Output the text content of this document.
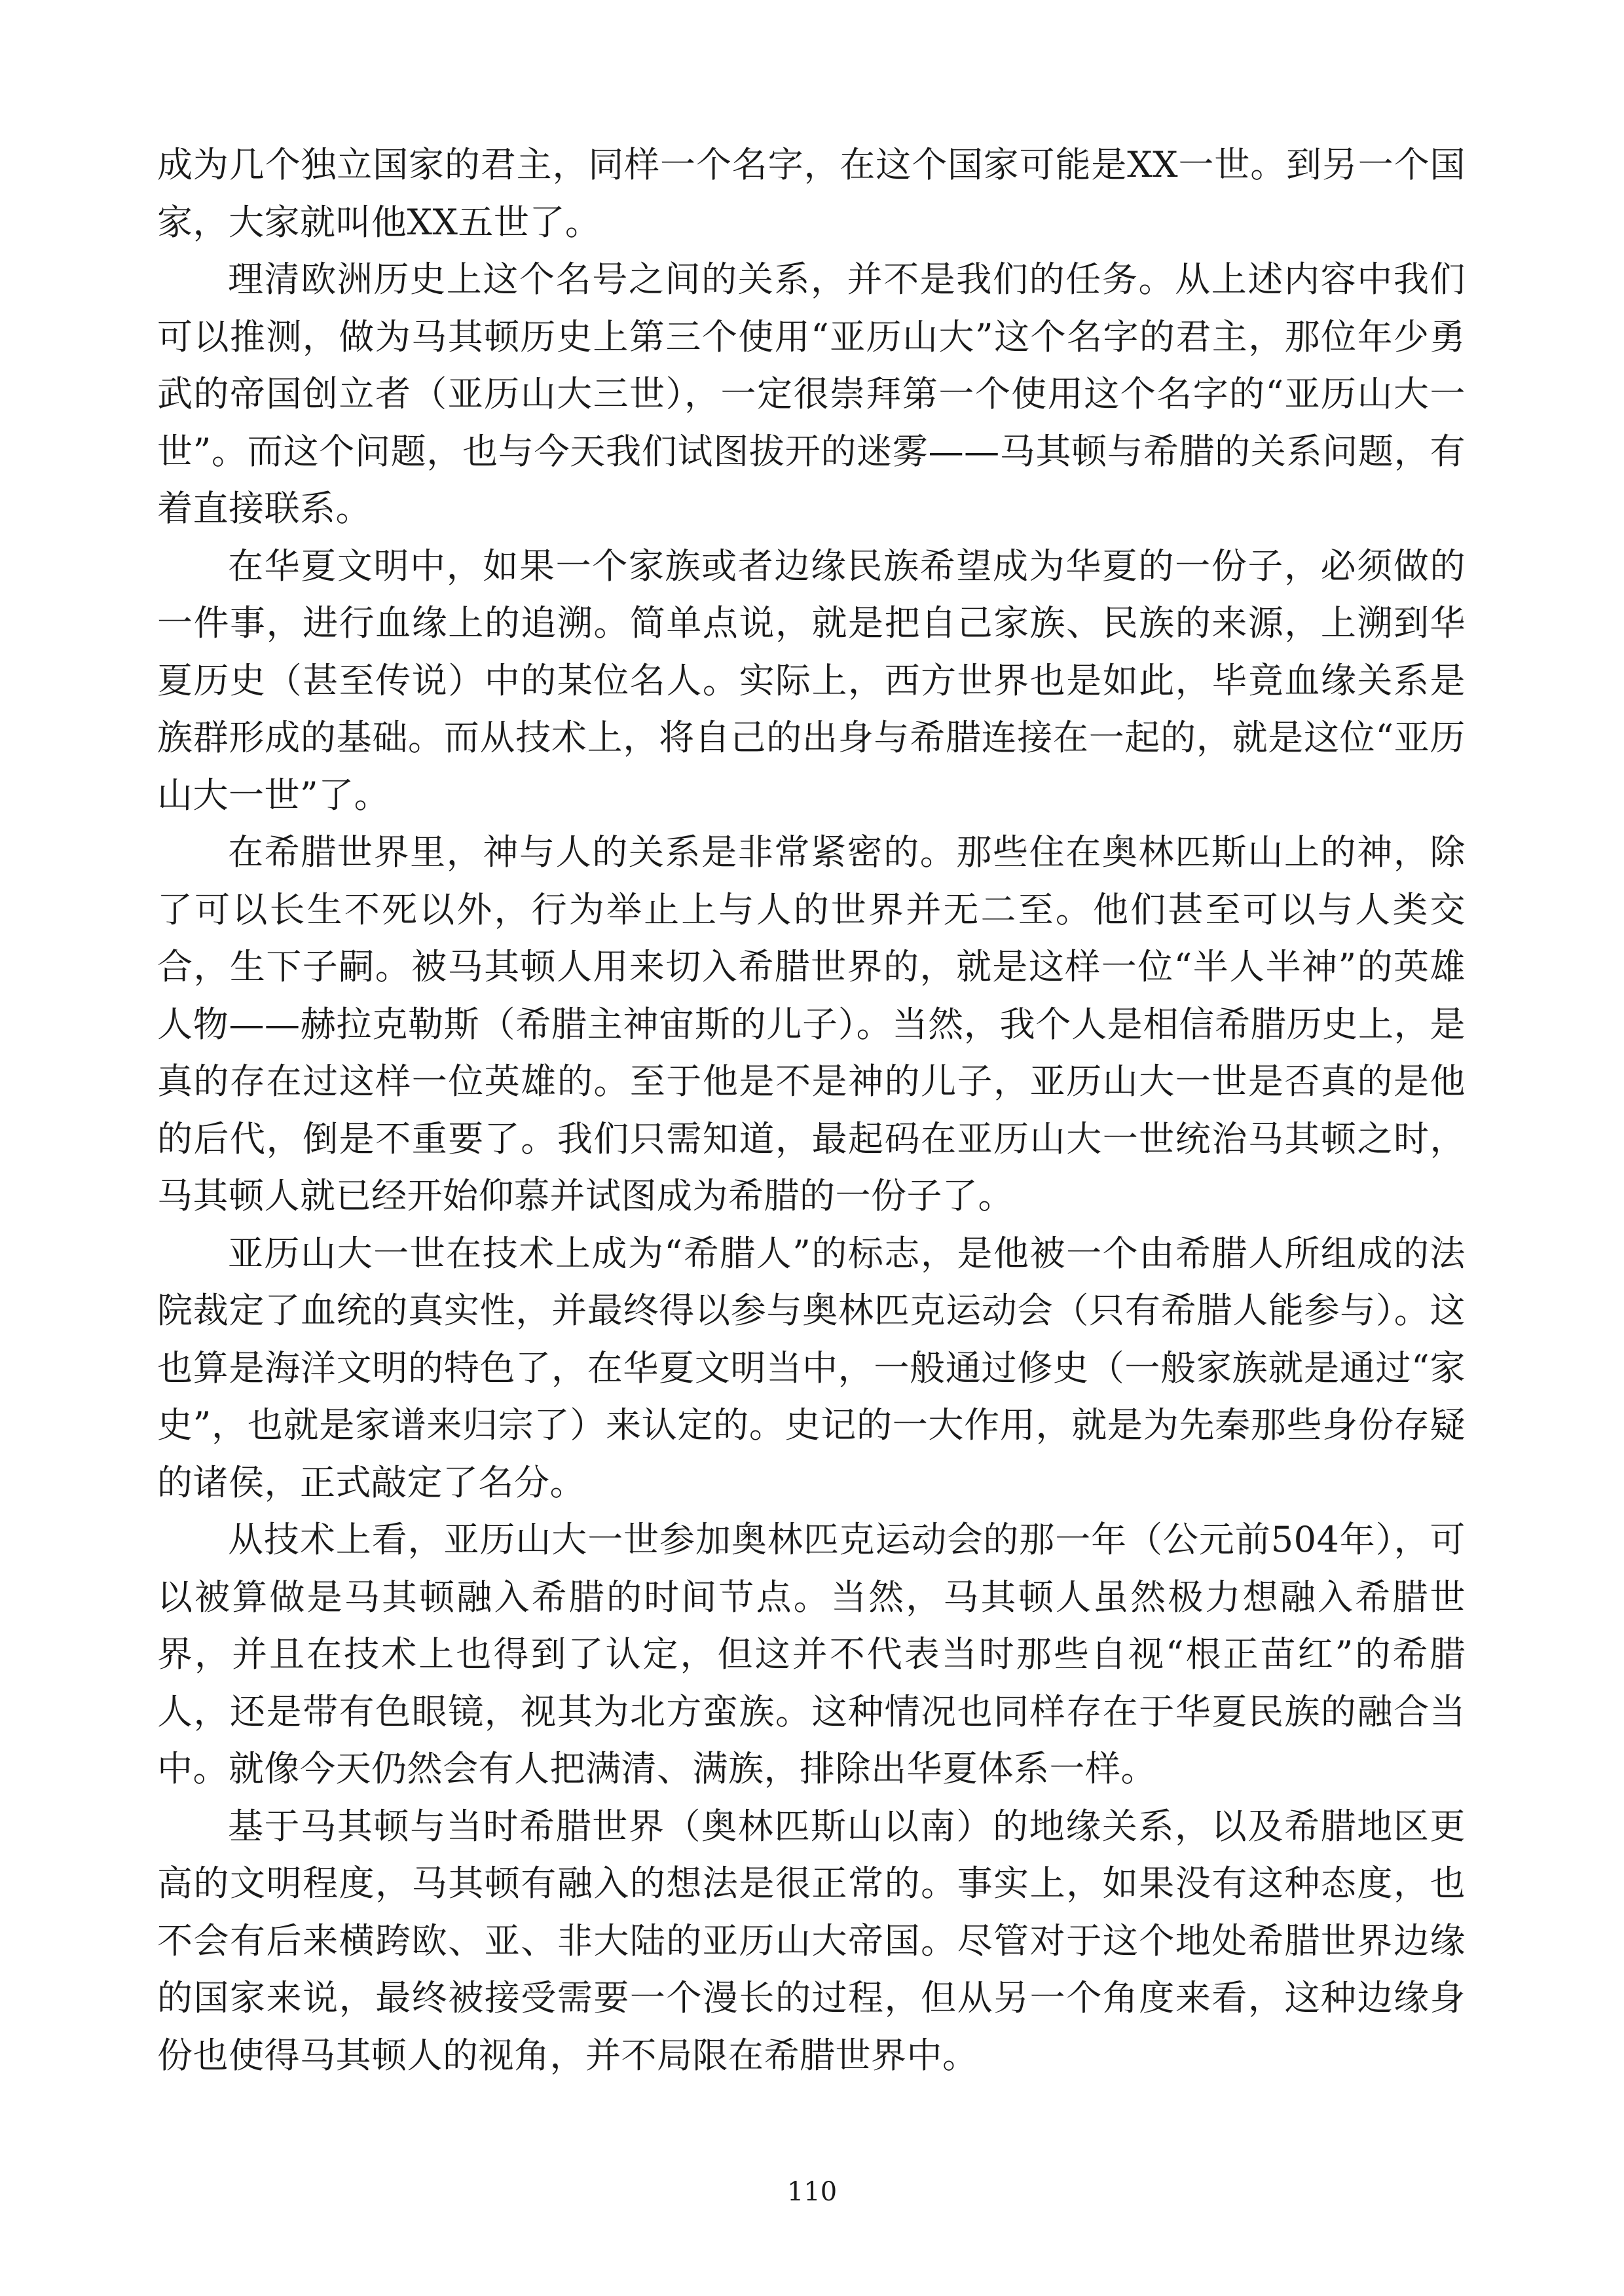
成为几个独立国家的君主，同样一个名字，在这个国家可能是XX一世。到另一个国家，大家就叫他XX五世了。

理清欧洲历史上这个名号之间的关系，并不是我们的任务。从上述内容中我们可以推测，做为马其顿历史上第三个使用“亚历山大”这个名字的君主，那位年少勇武的帝国创立者（亚历山大三世），一定很崇拜第一个使用这个名字的“亚历山大一世”。而这个问题，也与今天我们试图拔开的迷雾——马其顿与希腊的关系问题，有着直接联系。

在华夏文明中，如果一个家族或者边缘民族希望成为华夏的一份子，必须做的一件事，进行血缘上的追溯。简单点说，就是把自己家族、民族的来源，上溯到华夏历史（甚至传说）中的某位名人。实际上，西方世界也是如此，毕竟血缘关系是族群形成的基础。而从技术上，将自己的出身与希腊连接在一起的，就是这位“亚历山大一世”了。

在希腊世界里，神与人的关系是非常紧密的。那些住在奥林匹斯山上的神，除了可以长生不死以外，行为举止上与人的世界并无二至。他们甚至可以与人类交合，生下子嗣。被马其顿人用来切入希腊世界的，就是这样一位“半人半神”的英雄人物——赫拉克勒斯（希腊主神宙斯的儿子）。当然，我个人是相信希腊历史上，是真的存在过这样一位英雄的。至于他是不是神的儿子，亚历山大一世是否真的是他的后代，倒是不重要了。我们只需知道，最起码在亚历山大一世统治马其顿之时，马其顿人就已经开始仰慕并试图成为希腊的一份子了。

亚历山大一世在技术上成为“希腊人”的标志，是他被一个由希腊人所组成的法院裁定了血统的真实性，并最终得以参与奥林匹克运动会（只有希腊人能参与）。这也算是海洋文明的特色了，在华夏文明当中，一般通过修史（一般家族就是通过“家史”，也就是家谱来归宗了）来认定的。史记的一大作用，就是为先秦那些身份存疑的诸侯，正式敲定了名分。

从技术上看，亚历山大一世参加奥林匹克运动会的那一年（公元前504年），可以被算做是马其顿融入希腊的时间节点。当然，马其顿人虽然极力想融入希腊世界，并且在技术上也得到了认定，但这并不代表当时那些自视“根正苗红”的希腊人，还是带有色眼镜，视其为北方蛮族。这种情况也同样存在于华夏民族的融合当中。就像今天仍然会有人把满清、满族，排除出华夏体系一样。

基于马其顿与当时希腊世界（奥林匹斯山以南）的地缘关系，以及希腊地区更高的文明程度，马其顿有融入的想法是很正常的。事实上，如果没有这种态度，也不会有后来横跨欧、亚、非大陆的亚历山大帝国。尽管对于这个地处希腊世界边缘的国家来说，最终被接受需要一个漫长的过程，但从另一个角度来看，这种边缘身份也使得马其顿人的视角，并不局限在希腊世界中。

110
